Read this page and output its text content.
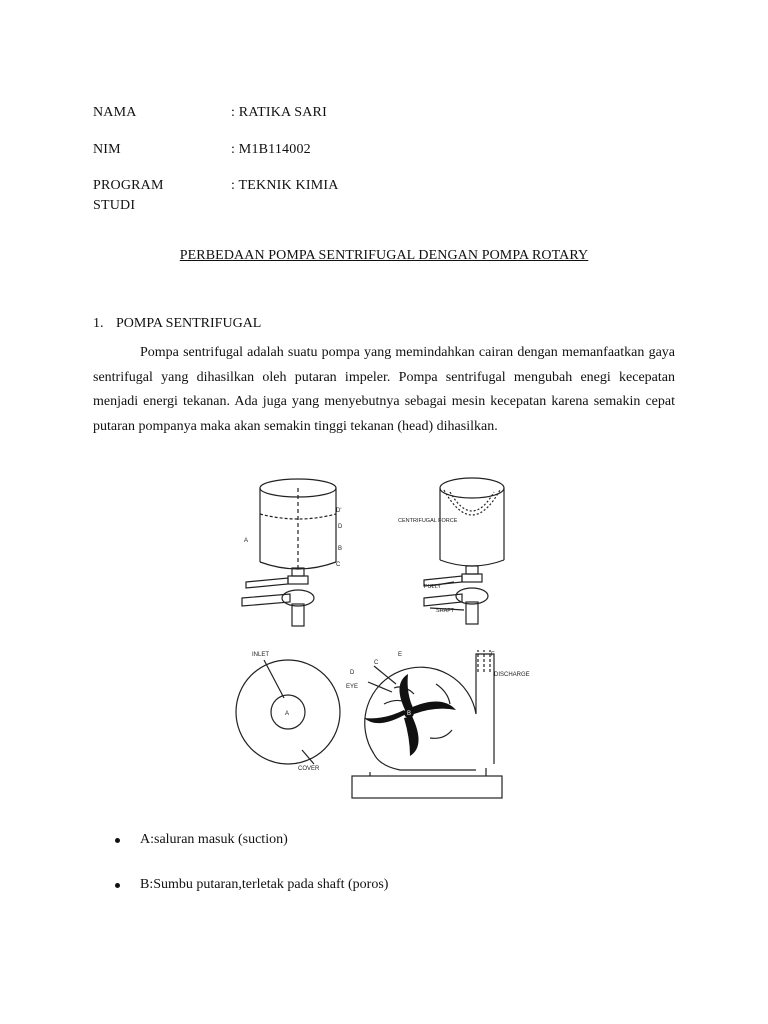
NAMA	: RATIKA SARI
NIM	: M1B114002
PROGRAM STUDI
: TEKNIK KIMIA
PERBEDAAN POMPA SENTRIFUGAL DENGAN POMPA ROTARY
1. POMPA SENTRIFUGAL

Pompa sentrifugal adalah suatu pompa yang memindahkan cairan dengan memanfaatkan gaya sentrifugal yang dihasilkan oleh putaran impeler. Pompa sentrifugal mengubah enegi kecepatan menjadi energi tekanan. Ada juga yang menyebutnya sebagai mesin kecepatan karena semakin cepat putaran pompanya maka akan semakin tinggi tekanan (head) dihasilkan.

A
B
C
D
D'
CENTRIFUGAL FORCE
PULLY
SHAFT
INLET
A
COVER
EYE
D
C
E	F
DISCHARGE
B
A:saluran masuk (suction)
B:Sumbu putaran,terletak pada shaft (poros)
